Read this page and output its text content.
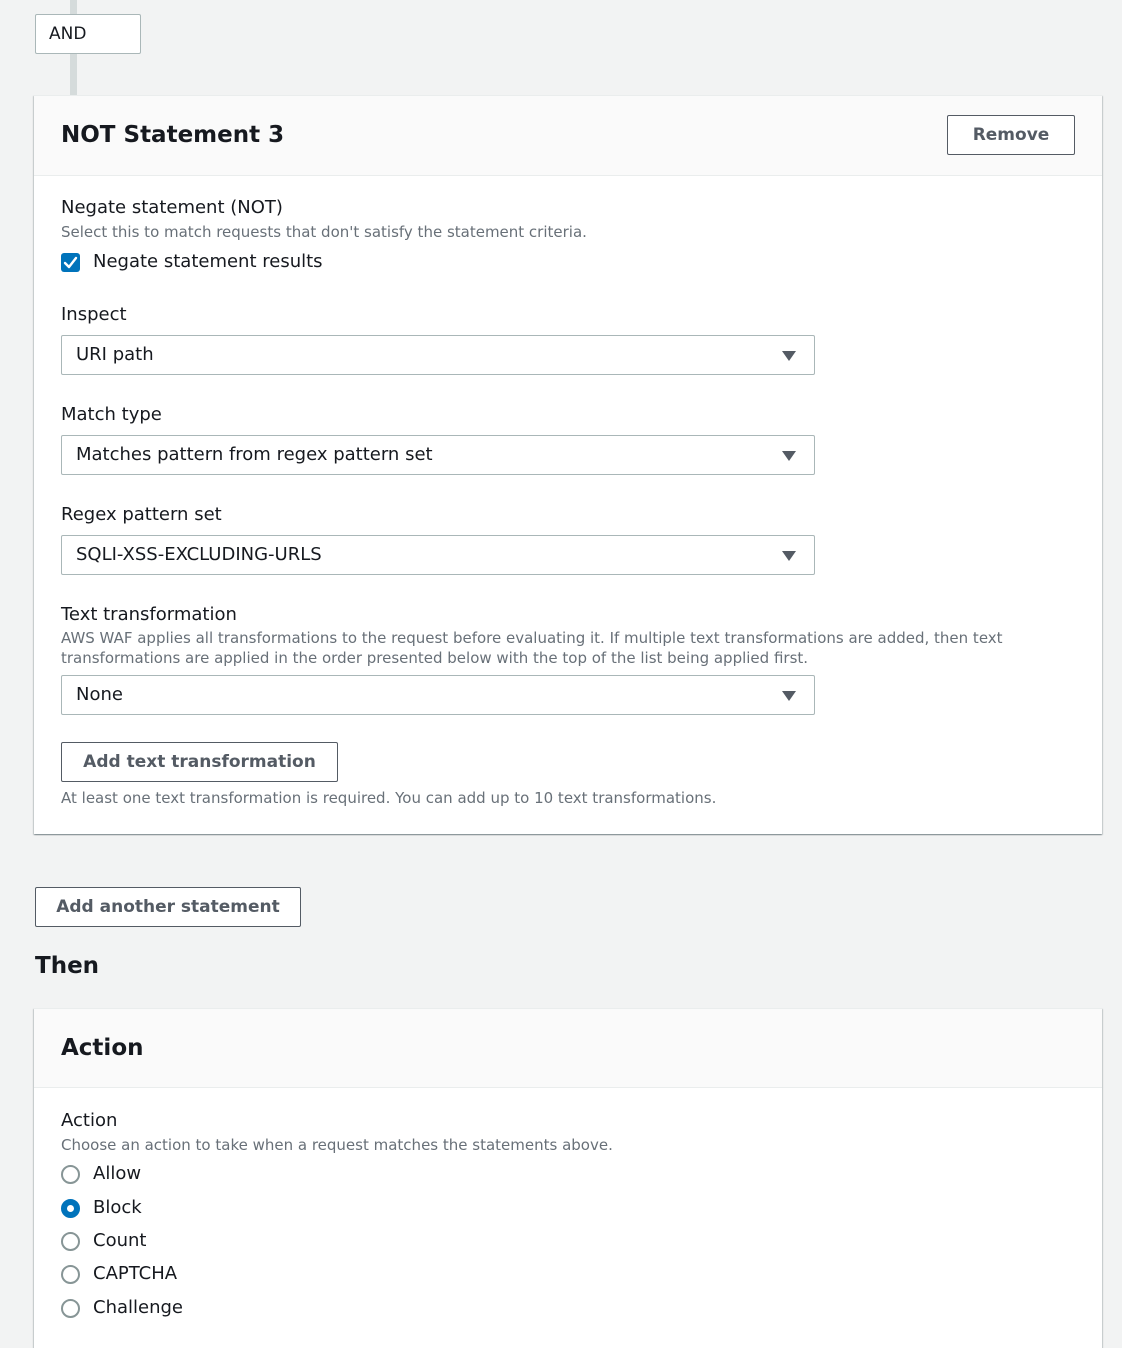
AND
NOT Statement 3	Remove
Negate statement (NOT)
Select this to match requests that don't satisfy the statement criteria.
Negate statement results
Inspect
URI path
Match type
Matches pattern from regex pattern set
Regex pattern set
SQLI-XSS-EXCLUDING-URLS
Text transformation
AWS WAF applies all transformations to the request before evaluating it. If multiple text transformations are added, then text
transformations are applied in the order presented below with the top of the list being applied first.
None
Add text transformation
At least one text transformation is required. You can add up to 10 text transformations.
Add another statement
Then
Action
Action
Choose an action to take when a request matches the statements above.
Allow
Block
Count
CAPTCHA
Challenge
